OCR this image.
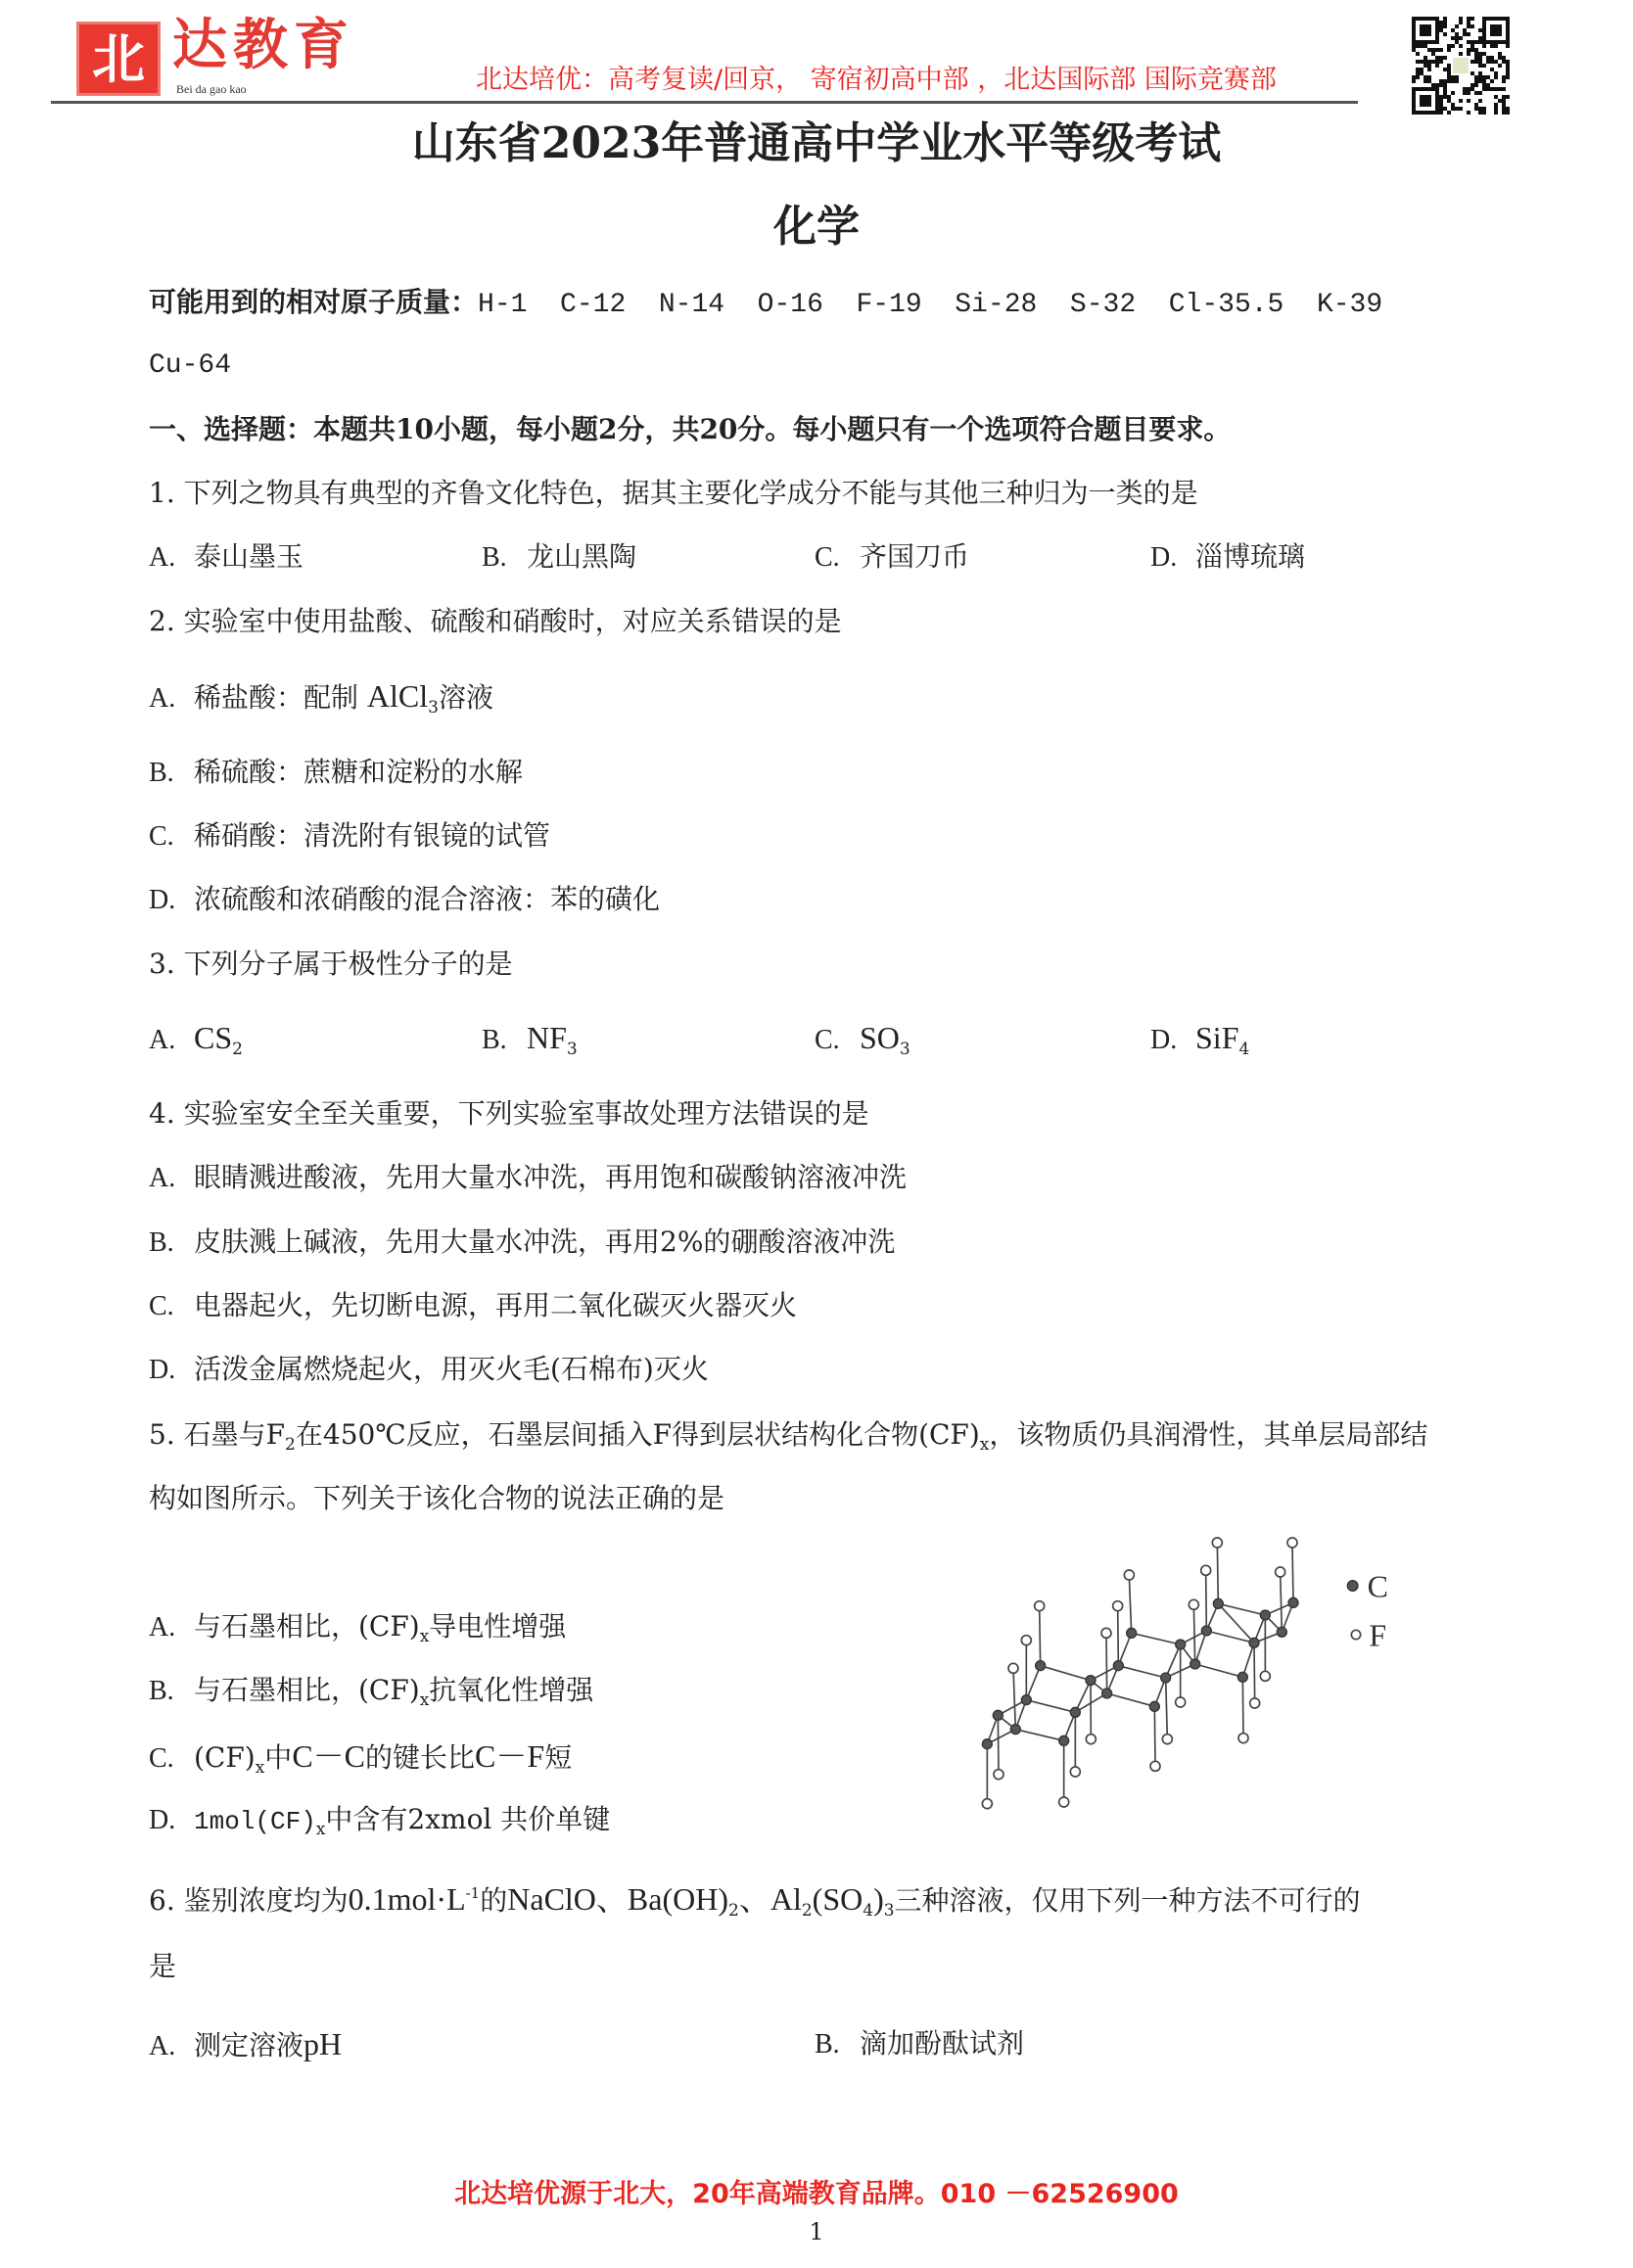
北 达教育
Bei da gao kao	北达培优：高考复读/回京， 寄宿初高中部 ，北达国际部 国际竞赛部
山东省2023年普通高中学业水平等级考试
化学
可能用到的相对原子质量：H-1  C-12  N-14  O-16  F-19  Si-28  S-32  Cl-35.5  K-39
Cu-64
一、选择题：本题共10小题，每小题2分，共20分。每小题只有一个选项符合题目要求。
1. 下列之物具有典型的齐鲁文化特色，据其主要化学成分不能与其他三种归为一类的是
A. 泰山墨玉	B. 龙山黑陶	C. 齐国刀币	D. 淄博琉璃
2. 实验室中使用盐酸、硫酸和硝酸时，对应关系错误的是
A. 稀盐酸：配制 AlCl$_3$溶液
B. 稀硫酸：蔗糖和淀粉的水解
C. 稀硝酸：清洗附有银镜的试管
D. 浓硫酸和浓硝酸的混合溶液：苯的磺化
3. 下列分子属于极性分子的是
A. $CS_2$	B. $NF_3$	C. $SO_3$	D. SiF$_4$
4. 实验室安全至关重要，下列实验室事故处理方法错误的是
A. 眼睛溅进酸液，先用大量水冲洗，再用饱和碳酸钠溶液冲洗
B. 皮肤溅上碱液，先用大量水冲洗，再用2%的硼酸溶液冲洗
C. 电器起火，先切断电源，再用二氧化碳灭火器灭火
D. 活泼金属燃烧起火，用灭火毛(石棉布)灭火
5. 石墨与$F_2$在450℃反应，石墨层间插入F得到层状结构化合物$(CF)_x$，该物质仍具润滑性，其单层局部结
构如图所示。下列关于该化合物的说法正确的是
A. 与石墨相比，$(CF)_x$导电性增强
B. 与石墨相比，$(CF)_x$抗氧化性增强
C. $(CF)_x$中C－C的键长比C－F短
D. $1mol(CF)_x$中含有2xmol 共价单键
C
F
6. 鉴别浓度均为$0.1mol\cdot L^{-1}$的NaClO、$Ba(OH)_2$、$Al_2(SO_4)_3$三种溶液，仅用下列一种方法不可行的
是
A. 测定溶液pH	B. 滴加酚酞试剂
北达培优源于北大，20年高端教育品牌。010 －62526900
1
